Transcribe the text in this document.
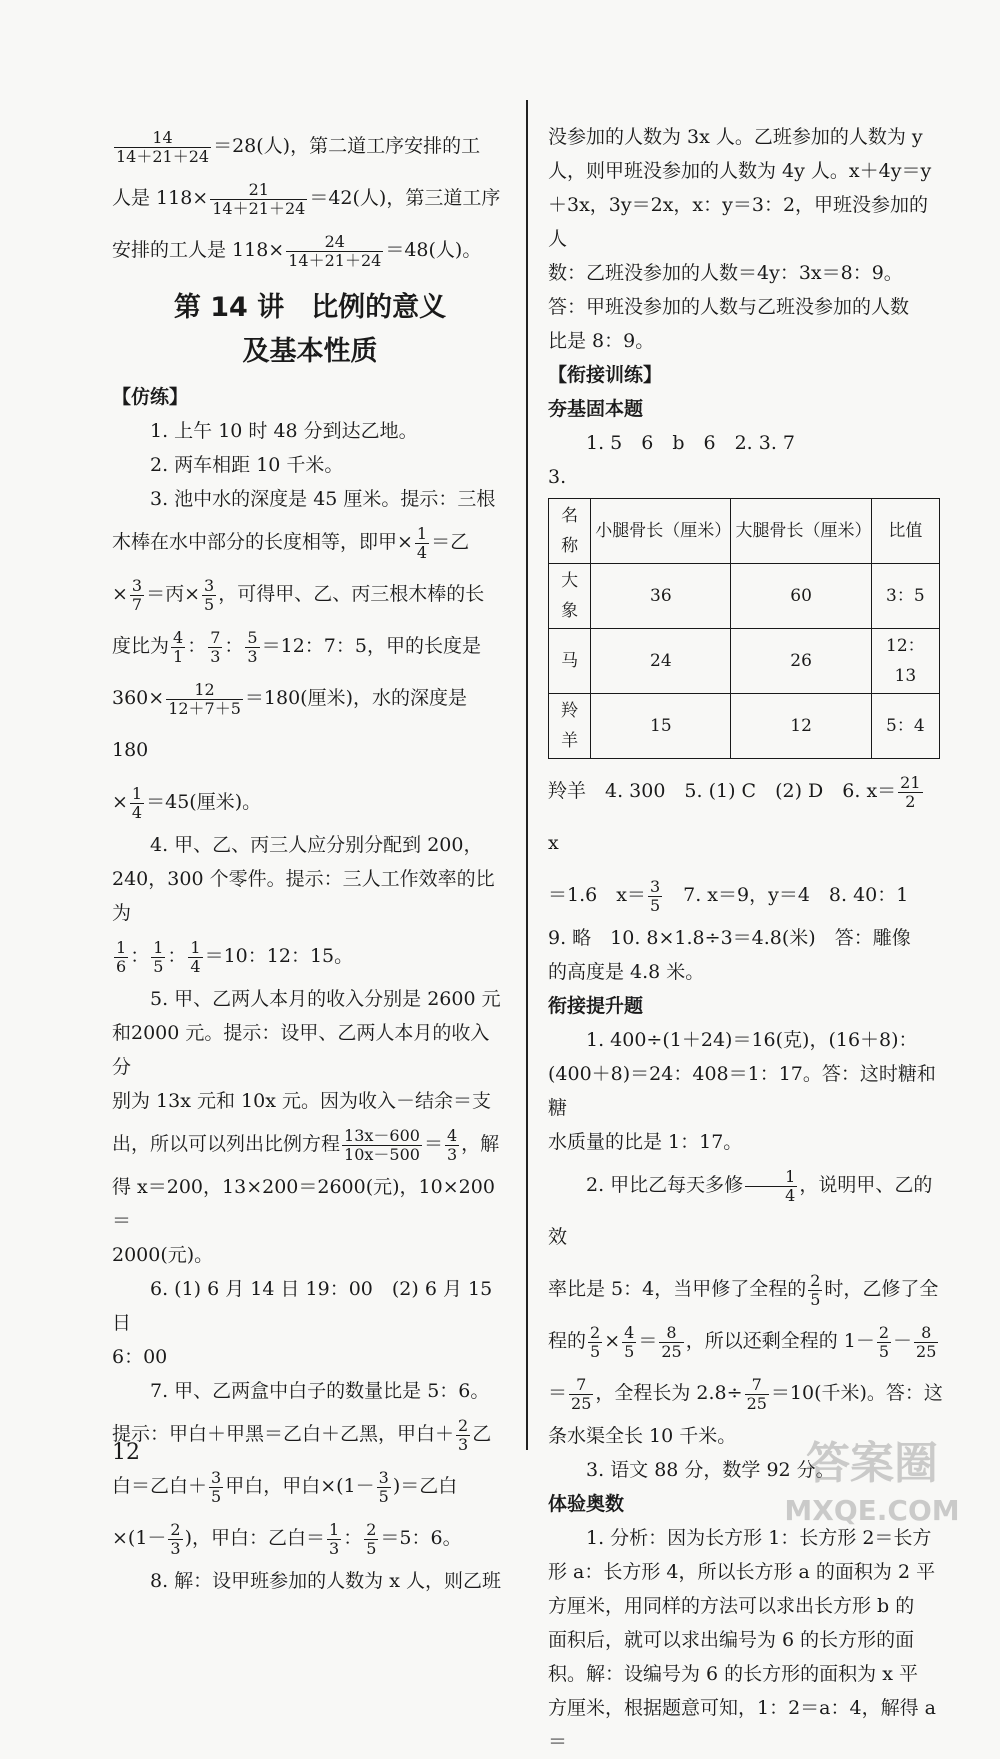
$\frac{14}{14+21+24} =28$(人)，第二道工序安排的工

人是 $118\times \frac{21}{14+21+24} =42$(人)，第三道工序

安排的工人是 $118\times \frac{24}{14+21+24} =48$(人)。

第 14 讲　比例的意义
及基本性质

【仿练】

1. 上午 10 时 48 分到达乙地。

2. 两车相距 10 千米。

3. 池中水的深度是 45 厘米。提示：三根

木棒在水中部分的长度相等，即甲× $\frac{1}{4}$ ＝乙

× $\frac{3}{7}$ ＝丙× $\frac{3}{5}$ ，可得甲、乙、丙三根木棒的长

度比为 $\frac{4}{1}$ ： $\frac{7}{3}$ ： $\frac{5}{3} =12$：7：5，甲的长度是

$360\times \frac{12}{12+7+5} =180$(厘米)，水的深度是 180

× $\frac{1}{4} =45$(厘米)。

4. 甲、乙、丙三人应分别分配到 200，

240，300 个零件。提示：三人工作效率的比为

$\frac{1}{6}$ ： $\frac{1}{5}$ ： $\frac{1}{4} =10$：12：15。

5. 甲、乙两人本月的收入分别是 2600 元

和2000 元。提示：设甲、乙两人本月的收入分

别为 13x 元和 10x 元。因为收入－结余＝支

出，所以可以列出比例方程 $\frac{13x-600}{10x-500} = \frac{4}{3}$ ，解

得 x＝200，13×200＝2600(元)，10×200＝

2000(元)。

6. (1) 6 月 14 日 19：00　(2) 6 月 15 日

6：00

7. 甲、乙两盒中白子的数量比是 5：6。

提示：甲白＋甲黑＝乙白＋乙黑，甲白＋ $\frac{2}{3}$ 乙

白＝乙白＋ $\frac{3}{5}$ 甲白，甲白$\times(1- \frac{3}{5}$ )＝乙白

$\times(1- \frac{2}{3}$ )，甲白：乙白＝ $\frac{1}{3}$ ： $\frac{2}{5} =5$：6。

8. 解：设甲班参加的人数为 x 人，则乙班

没参加的人数为 3x 人。乙班参加的人数为 y

人，则甲班没参加的人数为 4y 人。x＋4y＝y

＋3x，3y＝2x，x：y＝3：2，甲班没参加的人

数：乙班没参加的人数＝4y：3x＝8：9。

答：甲班没参加的人数与乙班没参加的人数

比是 8：9。

【衔接训练】

夯基固本题

1. 5　6　b　6　2. 3. 7

3.

名称	小腿骨长（厘米）	大腿骨长（厘米）	比值
大象	36	60	3：5
马	24	26	12：13
羚羊	15	12	5：4

羚羊　4. 300　5. (1) C　(2) D　6. $x= \frac{21}{2}$ 　x

＝1.6　$x= \frac{3}{5}$ 　7. x＝9，y＝4　8. 40：1

9. 略　10. 8×1.8÷3＝4.8(米)　答：雕像

的高度是 4.8 米。

衔接提升题

1. 400÷(1＋24)＝16(克)，(16＋8)：

(400＋8)＝24：408＝1：17。答：这时糖和糖

水质量的比是 1：17。

2. 甲比乙每天多修 $\frac{1}{4}$ ，说明甲、乙的效

率比是 5：4，当甲修了全程的 $\frac{2}{5}$ 时，乙修了全

程的 $\frac{2}{5} \times \frac{4}{5} = \frac{8}{25}$ ，所以还剩全程的 $1- \frac{2}{5} - \frac{8}{25}$

＝ $\frac{7}{25}$ ，全程长为 $2.8\div \frac{7}{25} =10$(千米)。答：这

条水渠全长 10 千米。

3. 语文 88 分，数学 92 分。

体验奥数

1. 分析：因为长方形 1：长方形 2＝长方

形 a：长方形 4，所以长方形 a 的面积为 2 平

方厘米，用同样的方法可以求出长方形 b 的

面积后，就可以求出编号为 6 的长方形的面

积。解：设编号为 6 的长方形的面积为 x 平

方厘米，根据题意可知，1：2＝a：4，解得 a＝

12	答案圈
MXQE.COM
